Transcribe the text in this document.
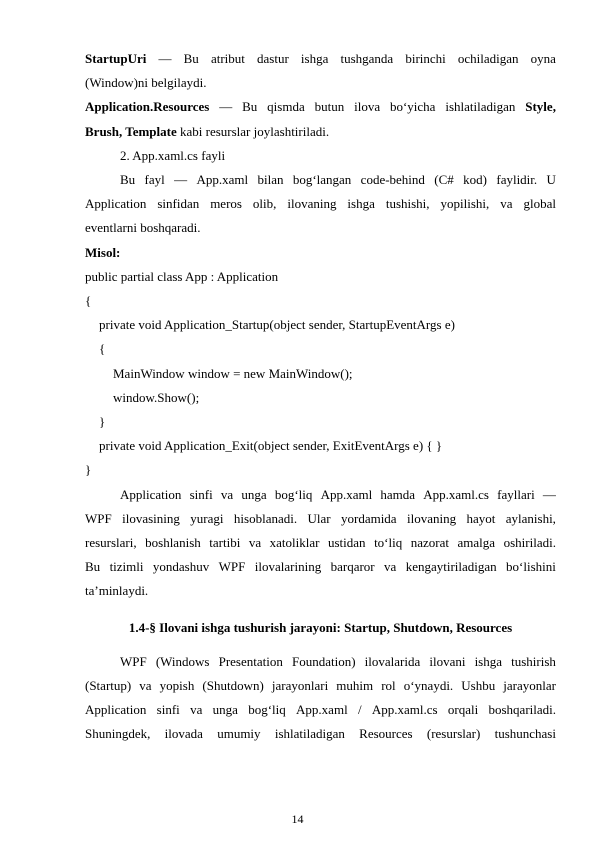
StartupUri — Bu atribut dastur ishga tushganda birinchi ochiladigan oyna
(Window)ni belgilaydi.
Application.Resources — Bu qismda butun ilova bo‘yicha ishlatiladigan Style,
Brush, Template kabi resurslar joylashtiriladi.
2. App.xaml.cs fayli
Bu fayl — App.xaml bilan bog‘langan code-behind (C# kod) faylidir. U
Application sinfidan meros olib, ilovaning ishga tushishi, yopilishi, va global
eventlarni boshqaradi.
Misol:
public partial class App : Application
{
private void Application_Startup(object sender, StartupEventArgs e)
{
MainWindow window = new MainWindow();
window.Show();
}
private void Application_Exit(object sender, ExitEventArgs e) { }
}
Application sinfi va unga bog‘liq App.xaml hamda App.xaml.cs fayllari —
WPF ilovasining yuragi hisoblanadi. Ular yordamida ilovaning hayot aylanishi,
resurslari, boshlanish tartibi va xatoliklar ustidan to‘liq nazorat amalga oshiriladi.
Bu tizimli yondashuv WPF ilovalarining barqaror va kengaytiriladigan bo‘lishini
ta’minlaydi.
1.4-§ Ilovani ishga tushurish jarayoni: Startup, Shutdown, Resources
WPF (Windows Presentation Foundation) ilovalarida ilovani ishga tushirish
(Startup) va yopish (Shutdown) jarayonlari muhim rol o‘ynaydi. Ushbu jarayonlar
Application sinfi va unga bog‘liq App.xaml / App.xaml.cs orqali boshqariladi.
Shuningdek, ilovada umumiy ishlatiladigan Resources (resurslar) tushunchasi
14
